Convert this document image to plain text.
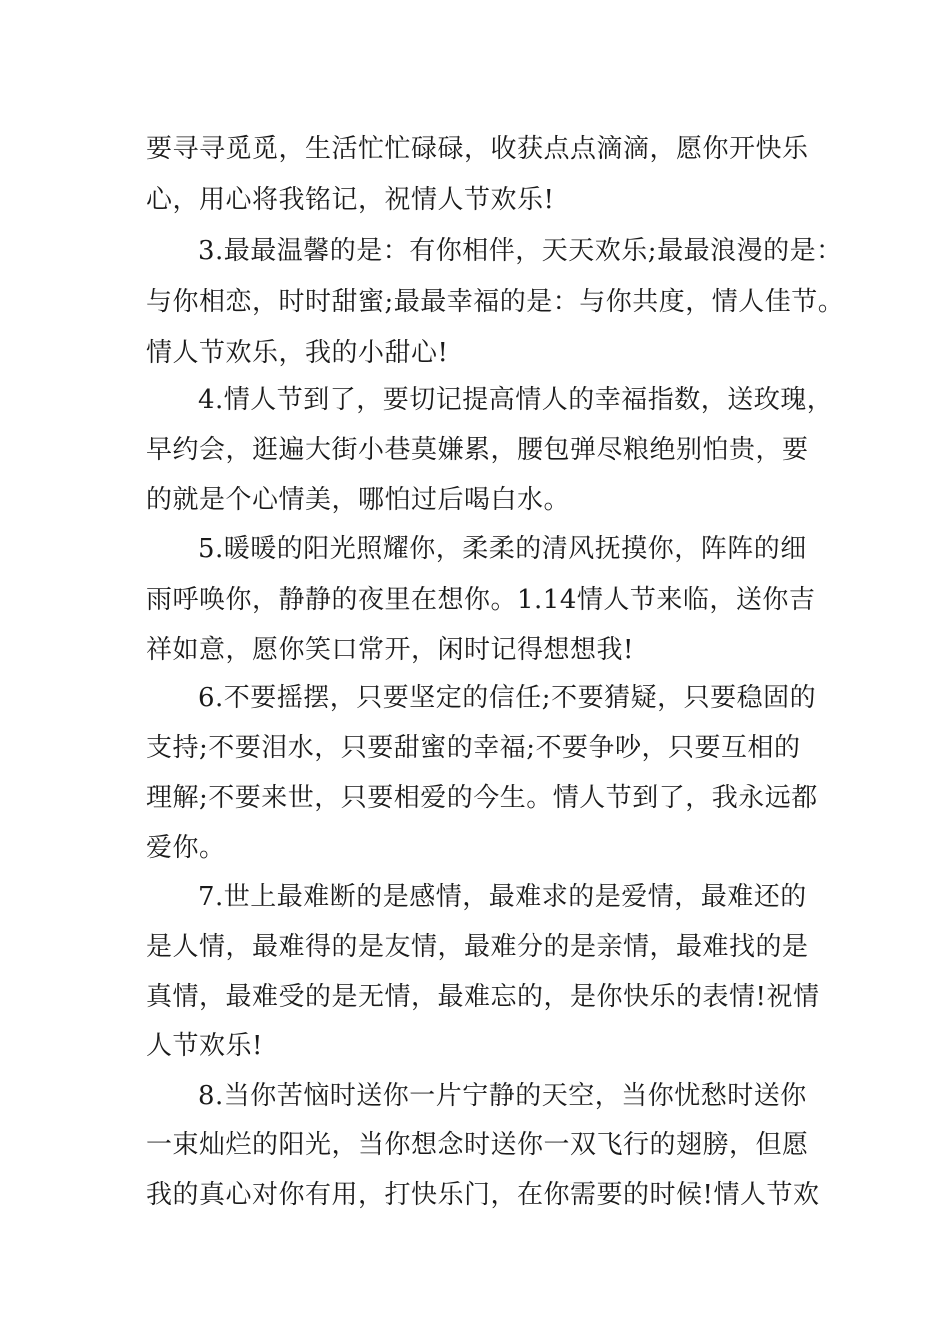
要寻寻觅觅，生活忙忙碌碌，收获点点滴滴，愿你开快乐
心，用心将我铭记，祝情人节欢乐!
3.最最温馨的是：有你相伴，天天欢乐;最最浪漫的是：
与你相恋，时时甜蜜;最最幸福的是：与你共度，情人佳节。
情人节欢乐，我的小甜心!
4.情人节到了，要切记提高情人的幸福指数，送玫瑰，
早约会，逛遍大街小巷莫嫌累，腰包弹尽粮绝别怕贵，要
的就是个心情美，哪怕过后喝白水。
5.暖暖的阳光照耀你，柔柔的清风抚摸你，阵阵的细
雨呼唤你，静静的夜里在想你。1.14情人节来临，送你吉
祥如意，愿你笑口常开，闲时记得想想我!
6.不要摇摆，只要坚定的信任;不要猜疑，只要稳固的
支持;不要泪水，只要甜蜜的幸福;不要争吵，只要互相的
理解;不要来世，只要相爱的今生。情人节到了，我永远都
爱你。
7.世上最难断的是感情，最难求的是爱情，最难还的
是人情，最难得的是友情，最难分的是亲情，最难找的是
真情，最难受的是无情，最难忘的，是你快乐的表情!祝情
人节欢乐!
8.当你苦恼时送你一片宁静的天空，当你忧愁时送你
一束灿烂的阳光，当你想念时送你一双飞行的翅膀，但愿
我的真心对你有用，打快乐门，在你需要的时候!情人节欢
